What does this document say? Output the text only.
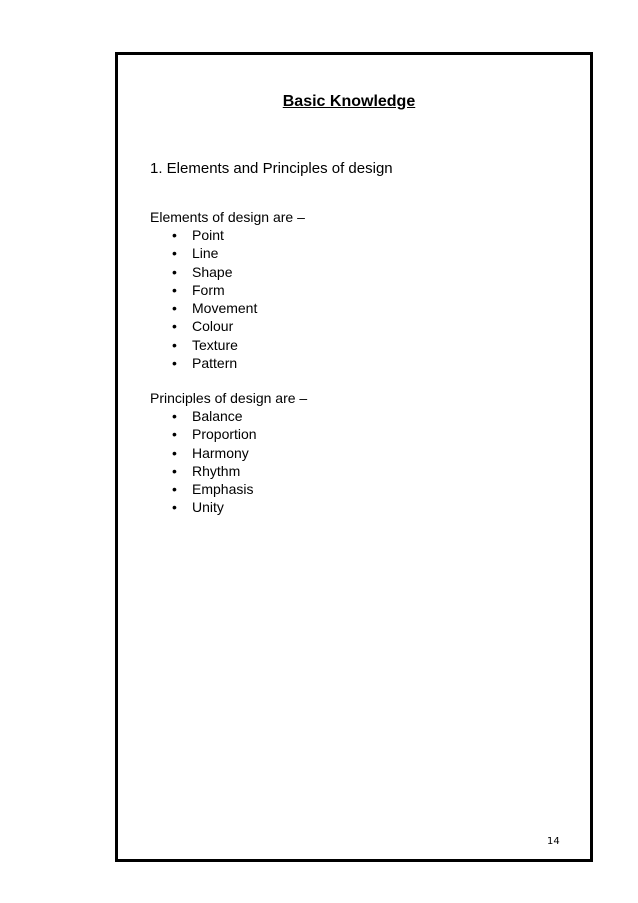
Basic Knowledge
1. Elements and Principles of design
Elements of design are –
• Point
• Line
• Shape
• Form
• Movement
• Colour
• Texture
• Pattern
Principles of design are –
• Balance
• Proportion
• Harmony
• Rhythm
• Emphasis
• Unity
14
